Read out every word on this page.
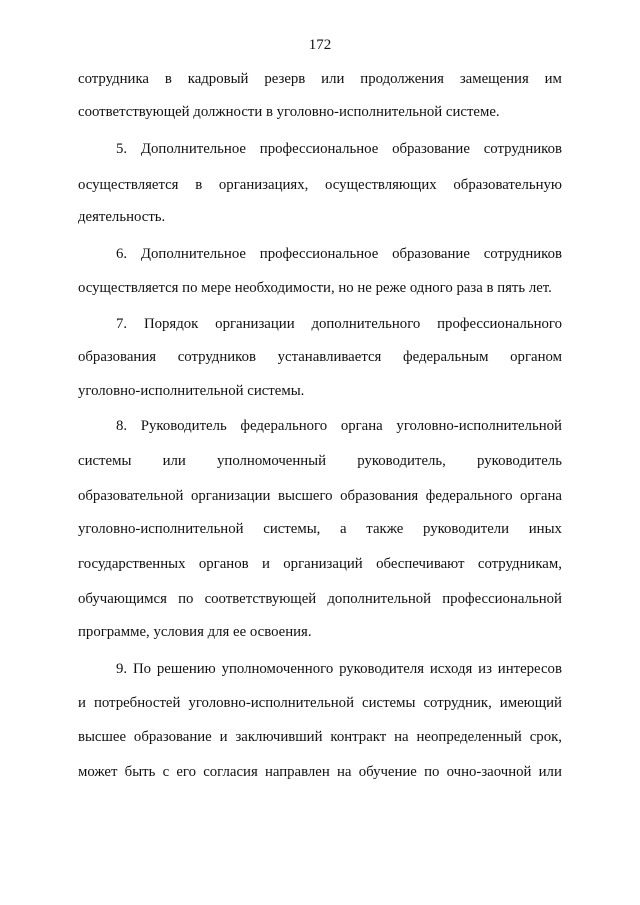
172
сотрудника в кадровый резерв или продолжения замещения им
соответствующей должности в уголовно-исполнительной системе.
5. Дополнительное профессиональное образование сотрудников
осуществляется в организациях, осуществляющих образовательную
деятельность.
6. Дополнительное профессиональное образование сотрудников
осуществляется по мере необходимости, но не реже одного раза в пять лет.
7. Порядок организации дополнительного профессионального
образования сотрудников устанавливается федеральным органом
уголовно-исполнительной системы.
8. Руководитель федерального органа уголовно-исполнительной
системы или уполномоченный руководитель, руководитель
образовательной организации высшего образования федерального органа
уголовно-исполнительной системы, а также руководители иных
государственных органов и организаций обеспечивают сотрудникам,
обучающимся по соответствующей дополнительной профессиональной
программе, условия для ее освоения.
9. По решению уполномоченного руководителя исходя из интересов
и потребностей уголовно-исполнительной системы сотрудник, имеющий
высшее образование и заключивший контракт на неопределенный срок,
может быть с его согласия направлен на обучение по очно-заочной или
